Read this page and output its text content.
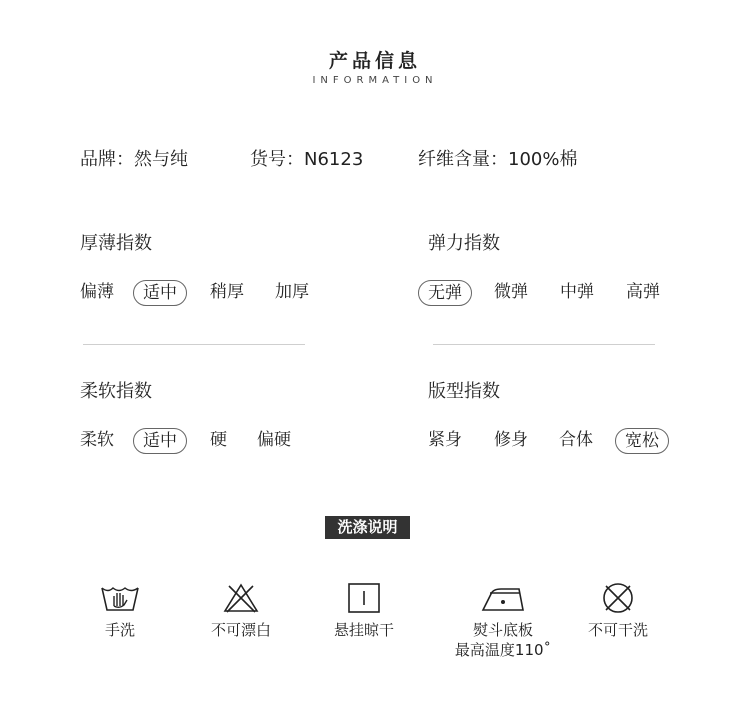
产品信息
INFORMATION
品牌：然与纯	货号：N6123	纤维含量：100%棉
厚薄指数
偏薄	适中	稍厚 加厚
弹力指数
无弹	微弹 中弹 高弹
柔软指数
柔软	适中	硬 偏硬
版型指数
紧身 修身 合体	宽松
洗涤说明
手洗	不可漂白	悬挂晾干	熨斗底板
最高温度110˚
不可干洗
